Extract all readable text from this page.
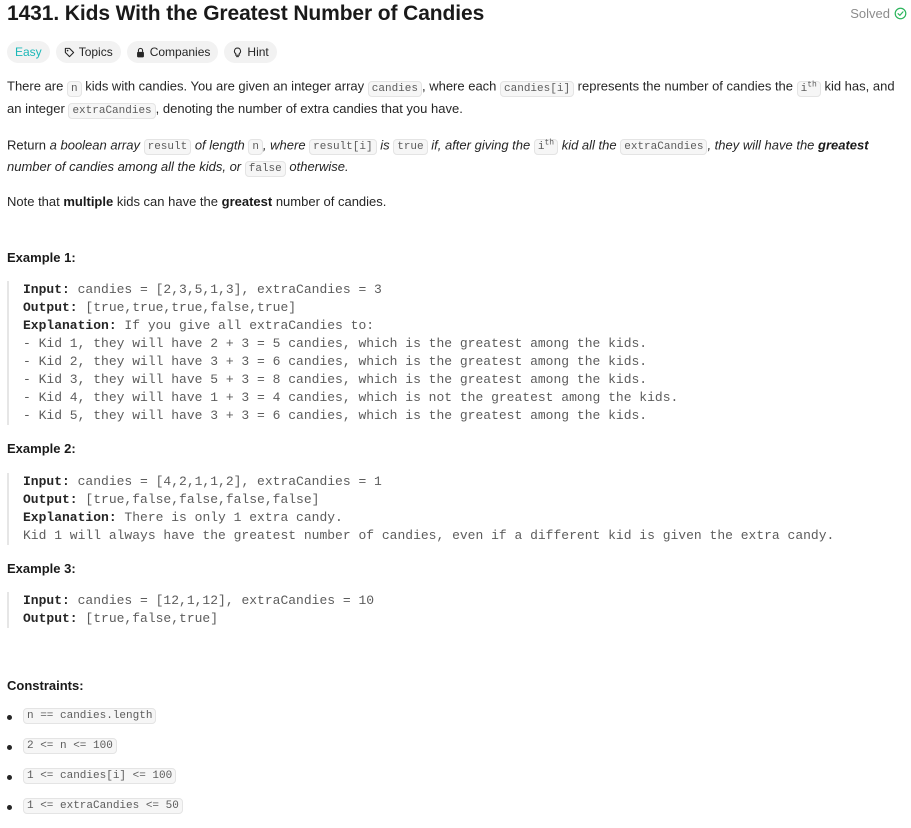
1431. Kids With the Greatest Number of Candies	Solved
Easy	Topics	Companies	Hint

There are n kids with candies. You are given an integer array candies , where each candies[i] represents the number of candies the $i^{th}$ kid has, and an integer extraCandies , denoting the number of extra candies that you have.

Return a boolean array result of length n , where result[i] is true if, after giving the $i^{th}$ kid all the extraCandies , they will have the greatest number of candies among all the kids, or false otherwise.

Note that multiple kids can have the greatest number of candies.

Example 1:
Input: candies = [2,3,5,1,3], extraCandies = 3
Output: [true,true,true,false,true]
Explanation: If you give all extraCandies to:
- Kid 1, they will have 2 + 3 = 5 candies, which is the greatest among the kids.
- Kid 2, they will have 3 + 3 = 6 candies, which is the greatest among the kids.
- Kid 3, they will have 5 + 3 = 8 candies, which is the greatest among the kids.
- Kid 4, they will have 1 + 3 = 4 candies, which is not the greatest among the kids.
- Kid 5, they will have 3 + 3 = 6 candies, which is the greatest among the kids.
Example 2:
Input: candies = [4,2,1,1,2], extraCandies = 1
Output: [true,false,false,false,false]
Explanation: There is only 1 extra candy.
Kid 1 will always have the greatest number of candies, even if a different kid is given the extra candy.
Example 3:
Input: candies = [12,1,12], extraCandies = 10
Output: [true,false,true]
Constraints:
n == candies.length
2 <= n <= 100
1 <= candies[i] <= 100
1 <= extraCandies <= 50
